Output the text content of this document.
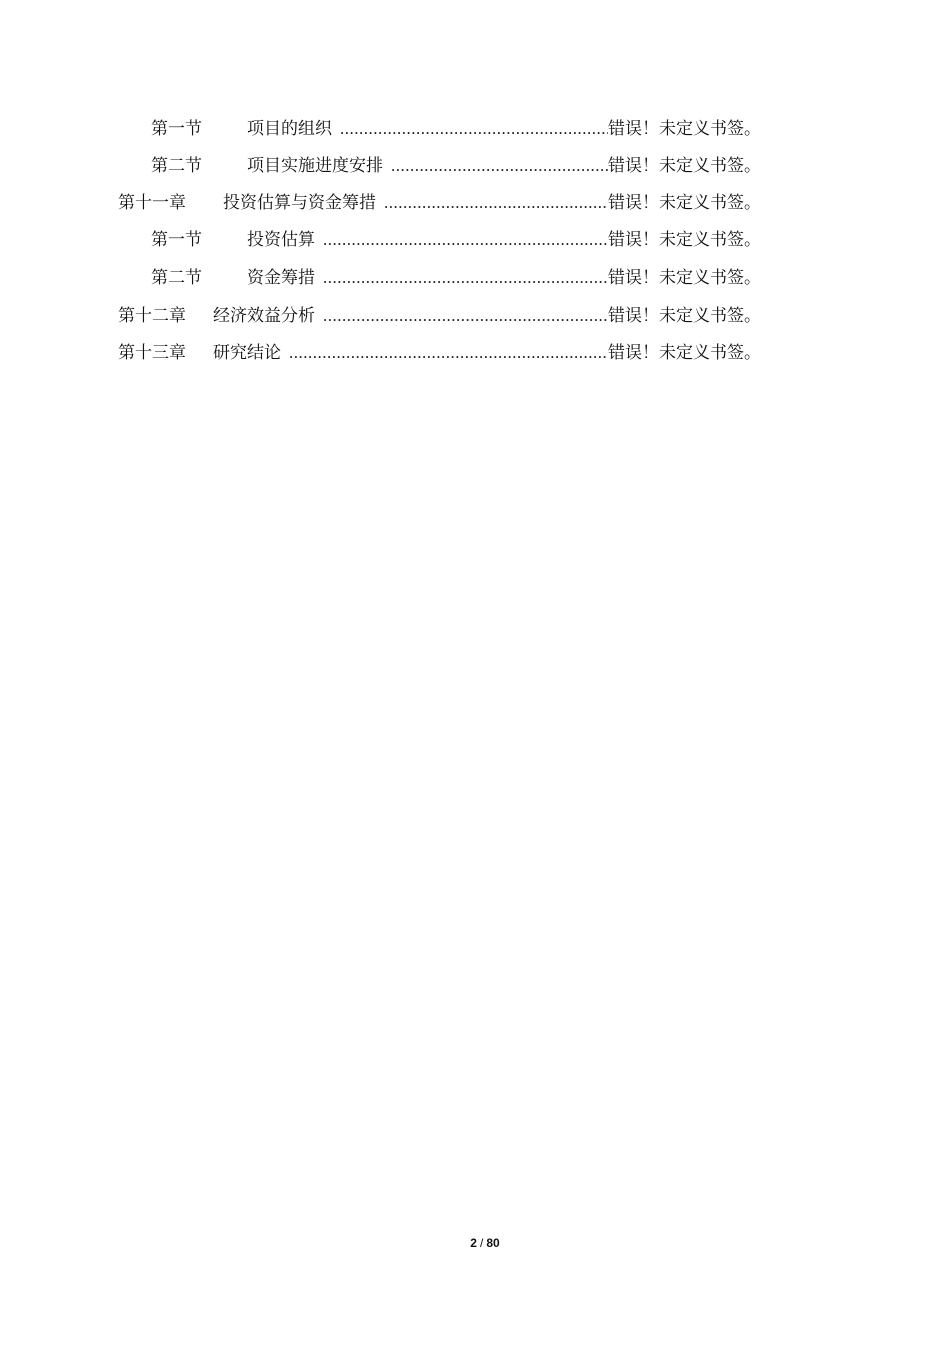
第一节	项目的组织 .....	错误！未定义书签。
第二节	项目实施进度安排 .....	错误！未定义书签。
第十一章	投资估算与资金筹措 .....	错误！未定义书签。
第一节	投资估算 .....	错误！未定义书签。
第二节	资金筹措 .....	错误！未定义书签。
第十二章	经济效益分析 .....	错误！未定义书签。
第十三章	研究结论 .....	错误！未定义书签。
2 / 80
